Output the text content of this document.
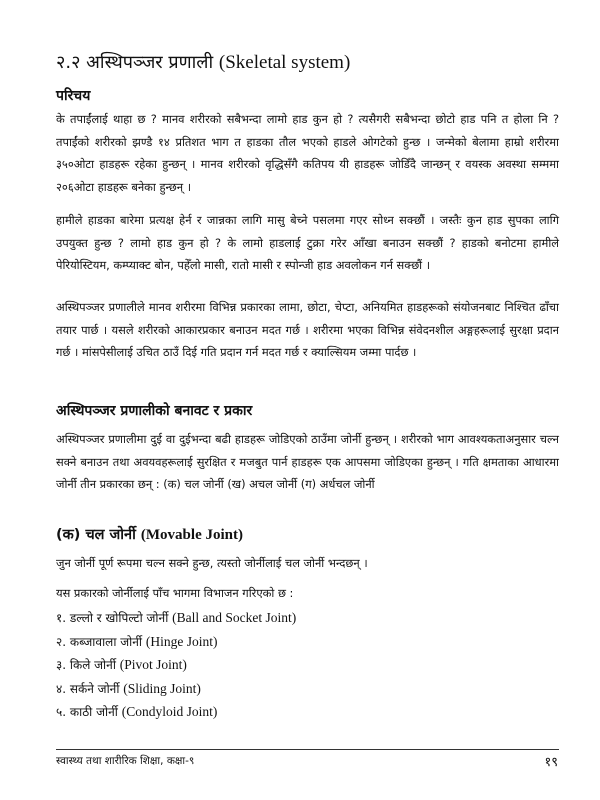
२.२ अस्थिपञ्जर प्रणाली (Skeletal system)
परिचय

के तपाईंलाई थाहा छ ? मानव शरीरको सबैभन्दा लामो हाड कुन हो ? त्यसैगरी सबैभन्दा छोटो हाड पनि त होला नि ? तपाईंको शरीरको झण्डै १४ प्रतिशत भाग त हाडका तौल भएको हाडले ओगटेको हुन्छ । जन्मेको बेलामा हाम्रो शरीरमा ३५०ओटा हाडहरू रहेका हुन्छन् । मानव शरीरको वृद्धिसँगै कतिपय यी हाडहरू जोडिँदै जान्छन् र वयस्क अवस्था सम्ममा २०६ओटा हाडहरू बनेका हुन्छन् ।

हामीले हाडका बारेमा प्रत्यक्ष हेर्न र जान्नका लागि मासु बेच्ने पसलमा गएर सोध्न सक्छौं । जस्तैः कुन हाड सुपका लागि उपयुक्त हुन्छ ? लामो हाड कुन हो ? के लामो हाडलाई टुक्रा गरेर आँखा बनाउन सक्छौं ? हाडको बनोटमा हामीले पेरियोस्टियम, कम्प्याक्ट बोन, पहेँलो मासी, रातो मासी र स्पोन्जी हाड अवलोकन गर्न सक्छौं ।

अस्थिपञ्जर प्रणालीले मानव शरीरमा विभिन्न प्रकारका लामा, छोटा, चेप्टा, अनियमित हाडहरूको संयोजनबाट निश्चित ढाँचा तयार पार्छ । यसले शरीरको आकारप्रकार बनाउन मदत गर्छ । शरीरमा भएका विभिन्न संवेदनशील अङ्गहरूलाई सुरक्षा प्रदान गर्छ । मांसपेसीलाई उचित ठाउँ दिई गति प्रदान गर्न मदत गर्छ र क्याल्सियम जम्मा पार्दछ ।

अस्थिपञ्जर प्रणालीको बनावट र प्रकार

अस्थिपञ्जर प्रणालीमा दुई वा दुईभन्दा बढी हाडहरू जोडिएको ठाउँमा जोर्नी हुन्छन् । शरीरको भाग आवश्यकताअनुसार चल्न सक्ने बनाउन तथा अवयवहरूलाई सुरक्षित र मजबुत पार्न हाडहरू एक आपसमा जोडिएका हुन्छन् । गति क्षमताका आधारमा जोर्नी तीन प्रकारका छन् : (क) चल जोर्नी (ख) अचल जोर्नी (ग) अर्धचल जोर्नी

(क) चल जोर्नी (Movable Joint)

जुन जोर्नी पूर्ण रूपमा चल्न सक्ने हुन्छ, त्यस्तो जोर्नीलाई चल जोर्नी भन्दछन् ।

यस प्रकारको जोर्नीलाई पाँच भागमा विभाजन गरिएको छ :

१. डल्लो र खोपिल्टो जोर्नी (Ball and Socket Joint)
२. कब्जावाला जोर्नी (Hinge Joint)
३. किले जोर्नी (Pivot Joint)
४. सर्कने जोर्नी (Sliding Joint)
५. काठी जोर्नी (Condyloid Joint)
स्वास्थ्य तथा शारीरिक शिक्षा, कक्षा-९	१९
